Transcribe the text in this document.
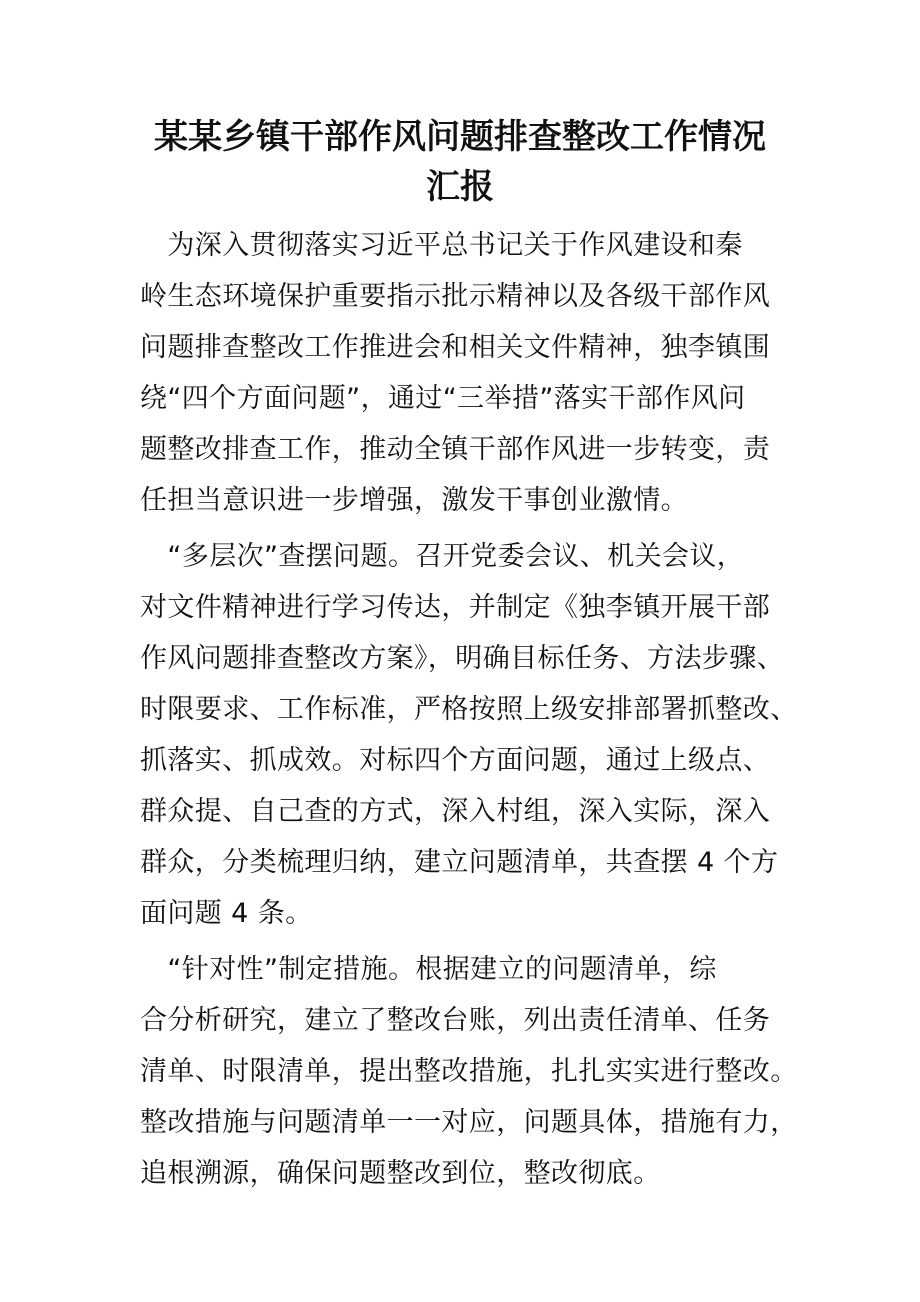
某某乡镇干部作风问题排查整改工作情况
汇报
　为深入贯彻落实习近平总书记关于作风建设和秦
岭生态环境保护重要指示批示精神以及各级干部作风
问题排查整改工作推进会和相关文件精神，独李镇围
绕“四个方面问题”，通过“三举措”落实干部作风问
题整改排查工作，推动全镇干部作风进一步转变，责
任担当意识进一步增强，激发干事创业激情。
　“多层次”查摆问题。召开党委会议、机关会议，
对文件精神进行学习传达，并制定《独李镇开展干部
作风问题排查整改方案》，明确目标任务、方法步骤、
时限要求、工作标准，严格按照上级安排部署抓整改、
抓落实、抓成效。对标四个方面问题，通过上级点、
群众提、自己查的方式，深入村组，深入实际，深入
群众，分类梳理归纳，建立问题清单，共查摆 4 个方
面问题 4 条。
　“针对性”制定措施。根据建立的问题清单，综
合分析研究，建立了整改台账，列出责任清单、任务
清单、时限清单，提出整改措施，扎扎实实进行整改。
整改措施与问题清单一一对应，问题具体，措施有力，
追根溯源，确保问题整改到位，整改彻底。
